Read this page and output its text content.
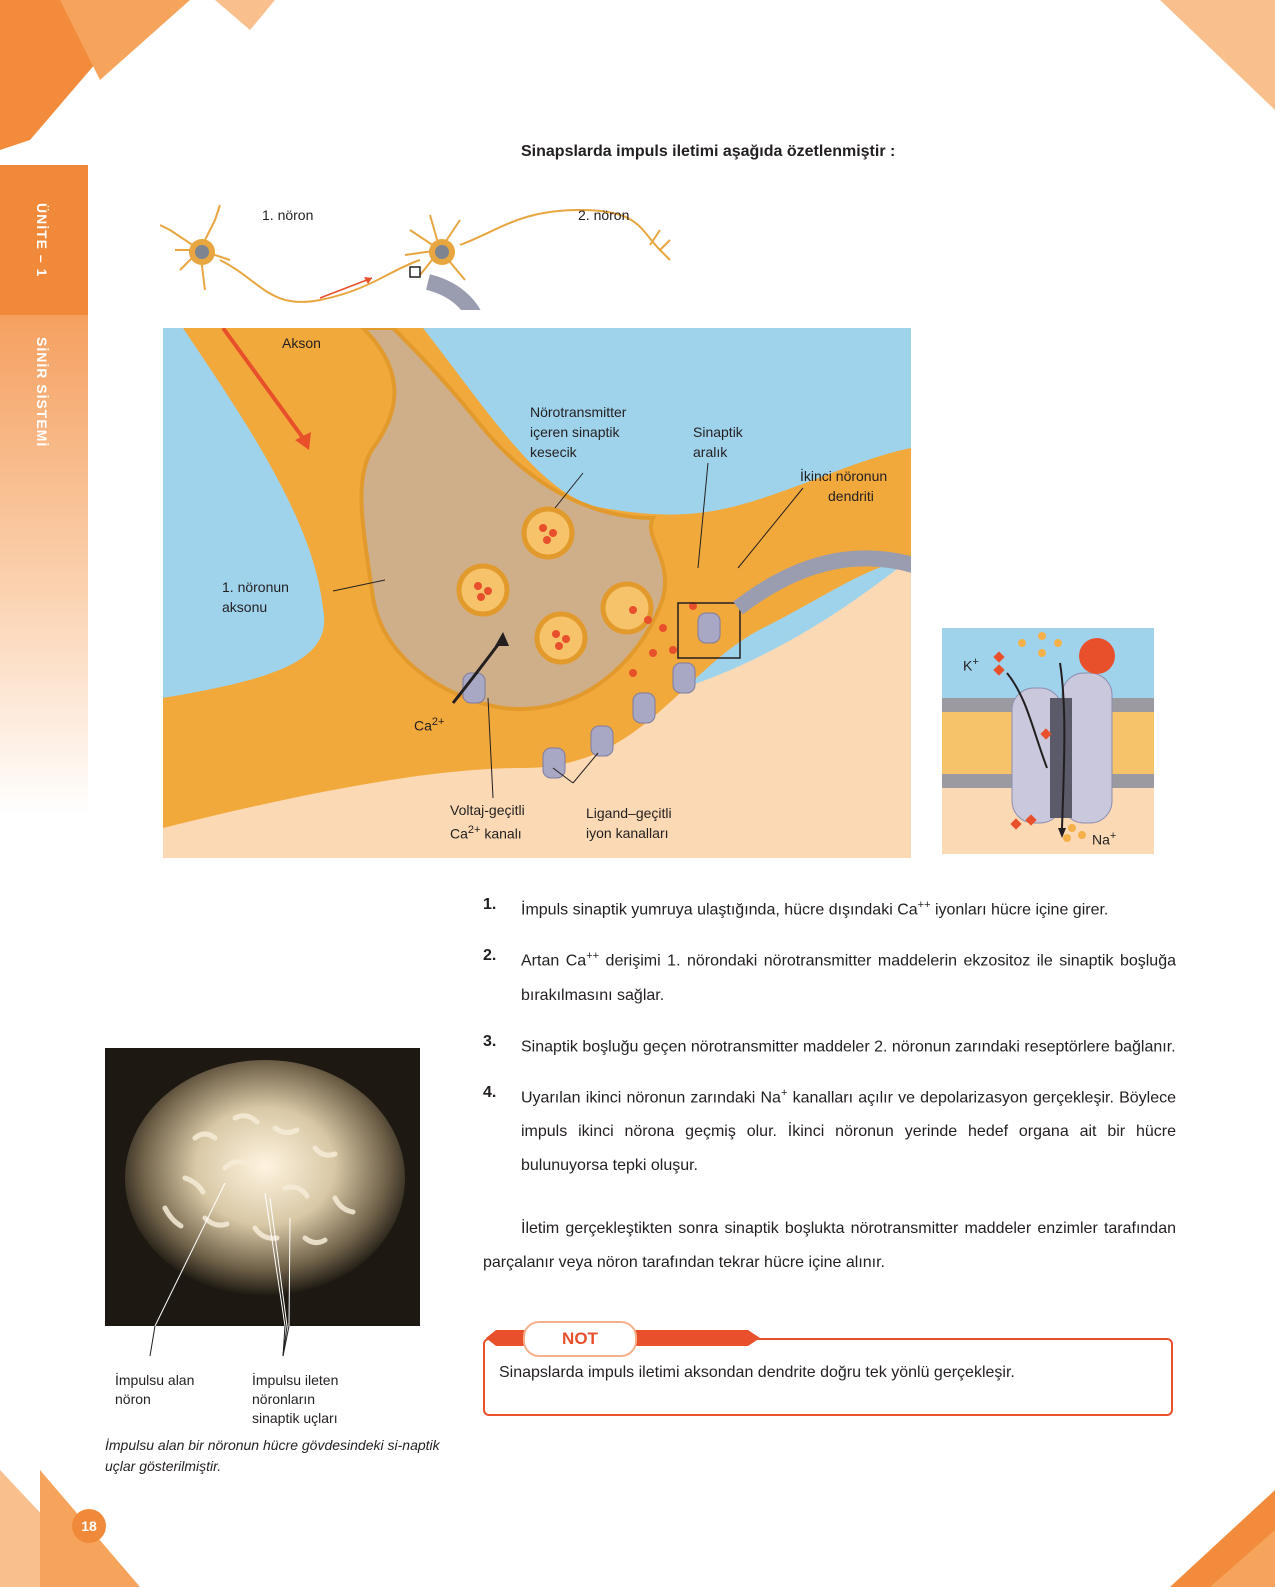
ÜNİTE – 1
SİNİR SİSTEMİ
Sinapslarda impuls iletimi aşağıda özetlenmiştir :
1. nöron	2. nöron
Akson
Nörotransmitter
içeren sinaptik
kesecik
Sinaptik
aralık
İkinci nöronun
dendriti
1. nöronun
aksonu
$Ca^{2+}$
Voltaj-geçitli
$Ca^{2+}$ kanalı
Ligand–geçitli
iyon kanalları
K+
Na+
1. İmpuls sinaptik yumruya ulaştığında, hücre dışındaki Ca++ iyonları hücre içine girer.
2. Artan Ca++ derişimi 1. nörondaki nörotransmitter maddelerin ekzositoz ile sinaptik boşluğa bırakılmasını sağlar.
3. Sinaptik boşluğu geçen nörotransmitter maddeler 2. nöronun zarındaki reseptörlere bağlanır.
4. Uyarılan ikinci nöronun zarındaki Na+ kanalları açılır ve depolarizasyon gerçekleşir. Böylece impuls ikinci nörona geçmiş olur. İkinci nöronun yerinde hedef organa ait bir hücre bulunuyorsa tepki oluşur.
İletim gerçekleştikten sonra sinaptik boşlukta nörotransmitter maddeler enzimler tarafından parçalanır veya nöron tarafından tekrar hücre içine alınır.
Sinapslarda impuls iletimi aksondan dendrite doğru tek yönlü gerçekleşir.
NOT
İmpulsu alan
nöron
İmpulsu ileten
nöronların
sinaptik uçları
İmpulsu alan bir nöronun hücre gövdesindeki si-naptik uçlar gösterilmiştir.
18
